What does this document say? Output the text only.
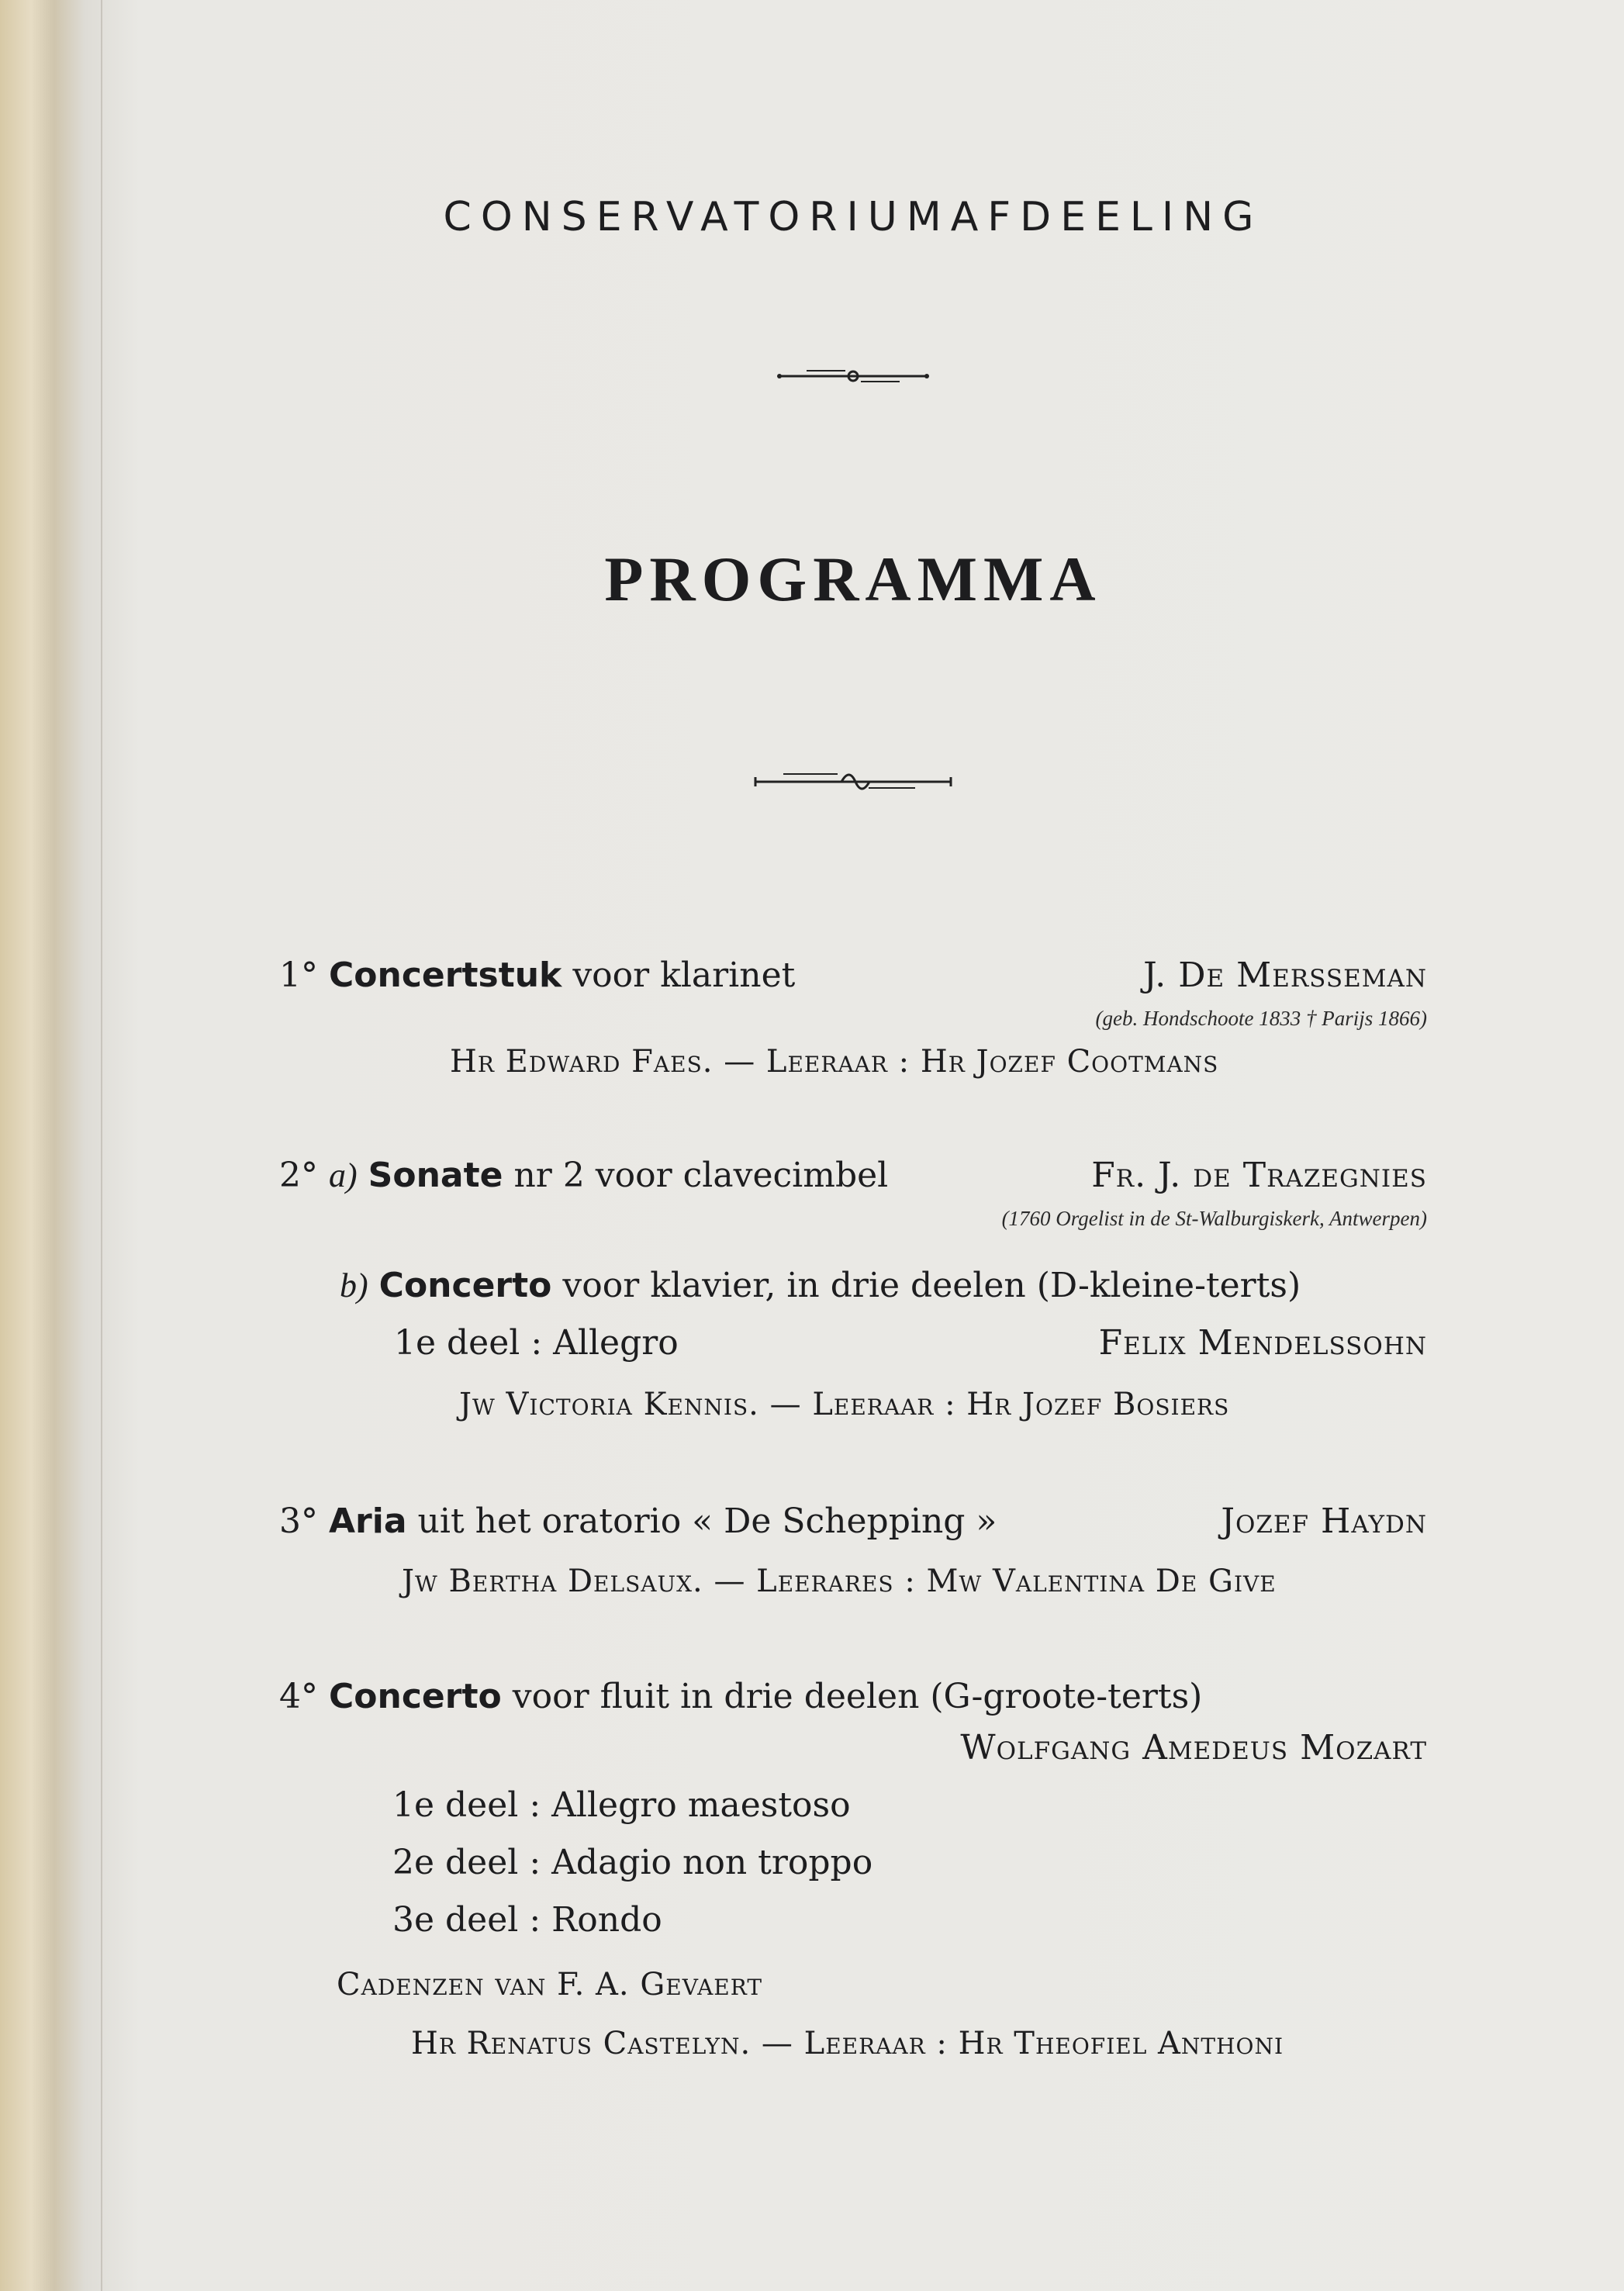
CONSERVATORIUMAFDEELING
PROGRAMMA
1° Concertstuk voor klarinet	J. De Mersseman
(geb. Hondschoote 1833 † Parijs 1866)
Hr Edward Faes. — Leeraar : Hr Jozef Cootmans
2° a) Sonate nr 2 voor clavecimbel	Fr. J. de Trazegnies
(1760 Orgelist in de St-Walburgiskerk, Antwerpen)
b) Concerto voor klavier, in drie deelen (D-kleine-terts)
1e deel : Allegro	Felix Mendelssohn
Jw Victoria Kennis. — Leeraar : Hr Jozef Bosiers
3° Aria uit het oratorio « De Schepping »	Jozef Haydn
Jw Bertha Delsaux. — Leerares : Mw Valentina De Give
4° Concerto voor fluit in drie deelen (G-groote-terts)
Wolfgang Amedeus Mozart
1e deel : Allegro maestoso
2e deel : Adagio non troppo
3e deel : Rondo
Cadenzen van F. A. Gevaert
Hr Renatus Castelyn. — Leeraar : Hr Theofiel Anthoni
